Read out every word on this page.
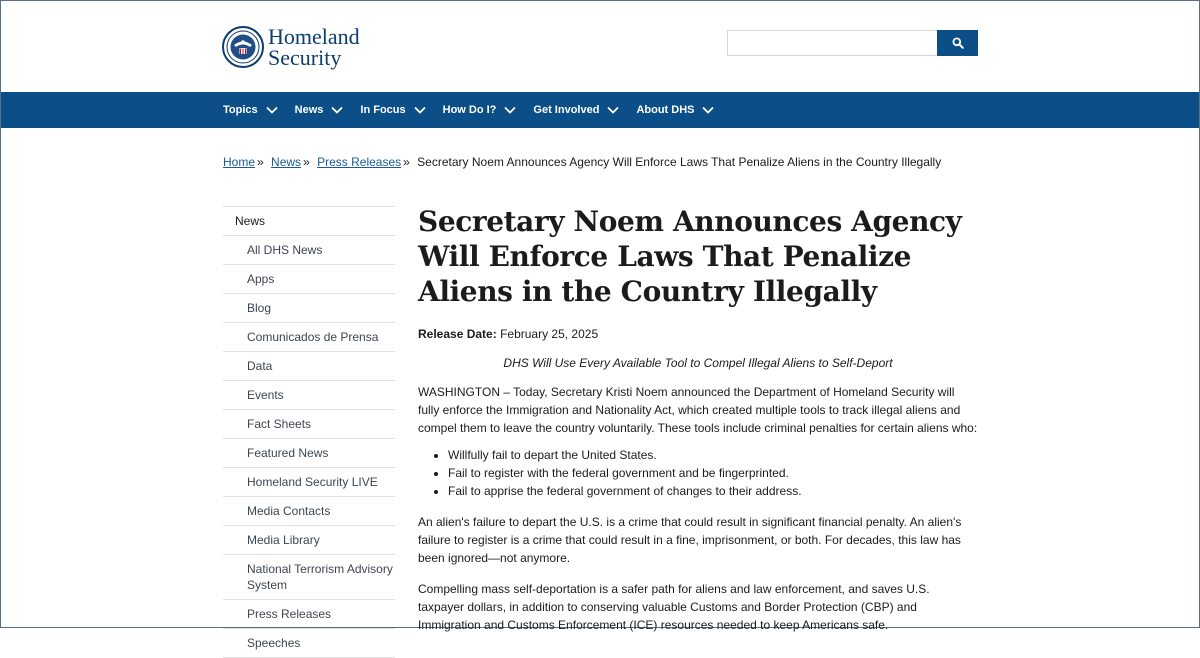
Homeland
Security
Topics	News	In Focus	How Do I?	Get Involved	About DHS
Home » News » Press Releases » Secretary Noem Announces Agency Will Enforce Laws That Penalize Aliens in the Country Illegally
News
All DHS News
Apps
Blog
Comunicados de Prensa
Data
Events
Fact Sheets
Featured News
Homeland Security LIVE
Media Contacts
Media Library
National Terrorism Advisory System
Press Releases
Speeches
Secretary Noem Announces Agency Will Enforce Laws That Penalize Aliens in the Country Illegally
Release Date: February 25, 2025
DHS Will Use Every Available Tool to Compel Illegal Aliens to Self-Deport

WASHINGTON – Today, Secretary Kristi Noem announced the Department of Homeland Security will fully enforce the Immigration and Nationality Act, which created multiple tools to track illegal aliens and compel them to leave the country voluntarily. These tools include criminal penalties for certain aliens who:

• Willfully fail to depart the United States.
• Fail to register with the federal government and be fingerprinted.
• Fail to apprise the federal government of changes to their address.

An alien's failure to depart the U.S. is a crime that could result in significant financial penalty. An alien's failure to register is a crime that could result in a fine, imprisonment, or both. For decades, this law has been ignored—not anymore.

Compelling mass self-deportation is a safer path for aliens and law enforcement, and saves U.S. taxpayer dollars, in addition to conserving valuable Customs and Border Protection (CBP) and Immigration and Customs Enforcement (ICE) resources needed to keep Americans safe.
